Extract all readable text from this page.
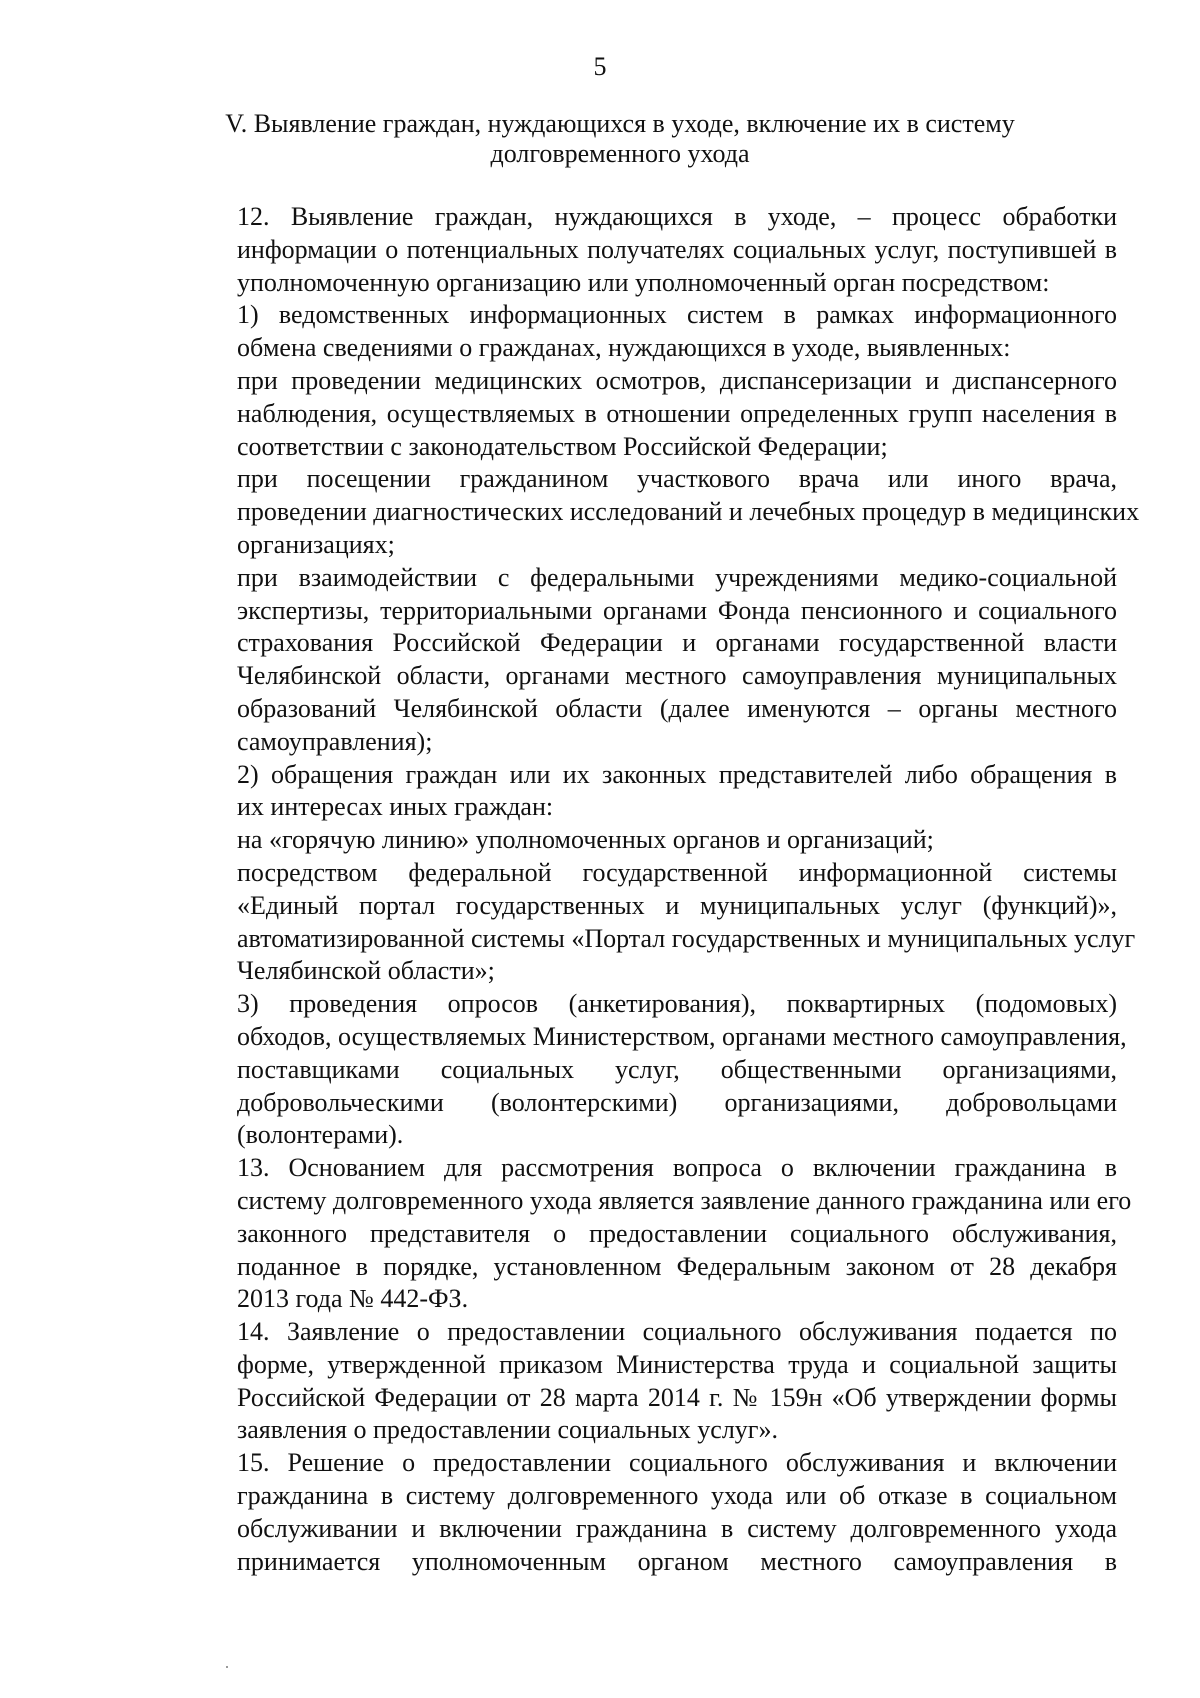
5
V. Выявление граждан, нуждающихся в уходе, включение их в систему
долговременного ухода

12. Выявление граждан, нуждающихся в уходе, – процесс обработки
информации о потенциальных получателях социальных услуг, поступившей в
уполномоченную организацию или уполномоченный орган посредством:

1) ведомственных информационных систем в рамках информационного
обмена сведениями о гражданах, нуждающихся в уходе, выявленных:

при проведении медицинских осмотров, диспансеризации и диспансерного
наблюдения, осуществляемых в отношении определенных групп населения в
соответствии с законодательством Российской Федерации;

при посещении гражданином участкового врача или иного врача,
проведении диагностических исследований и лечебных процедур в медицинских
организациях;

при взаимодействии с федеральными учреждениями медико-социальной
экспертизы, территориальными органами Фонда пенсионного и социального
страхования Российской Федерации и органами государственной власти
Челябинской области, органами местного самоуправления муниципальных
образований Челябинской области (далее именуются – органы местного
самоуправления);

2) обращения граждан или их законных представителей либо обращения в
их интересах иных граждан:

на «горячую линию» уполномоченных органов и организаций;

посредством федеральной государственной информационной системы
«Единый портал государственных и муниципальных услуг (функций)»,
автоматизированной системы «Портал государственных и муниципальных услуг
Челябинской области»;

3) проведения опросов (анкетирования), поквартирных (подомовых)
обходов, осуществляемых Министерством, органами местного самоуправления,
поставщиками социальных услуг, общественными организациями,
добровольческими (волонтерскими) организациями, добровольцами
(волонтерами).

13. Основанием для рассмотрения вопроса о включении гражданина в
систему долговременного ухода является заявление данного гражданина или его
законного представителя о предоставлении социального обслуживания,
поданное в порядке, установленном Федеральным законом от 28 декабря
2013 года № 442-ФЗ.

14. Заявление о предоставлении социального обслуживания подается по
форме, утвержденной приказом Министерства труда и социальной защиты
Российской Федерации от 28 марта 2014 г. № 159н «Об утверждении формы
заявления о предоставлении социальных услуг».

15. Решение о предоставлении социального обслуживания и включении
гражданина в систему долговременного ухода или об отказе в социальном
обслуживании и включении гражданина в систему долговременного ухода
принимается уполномоченным органом местного самоуправления в
